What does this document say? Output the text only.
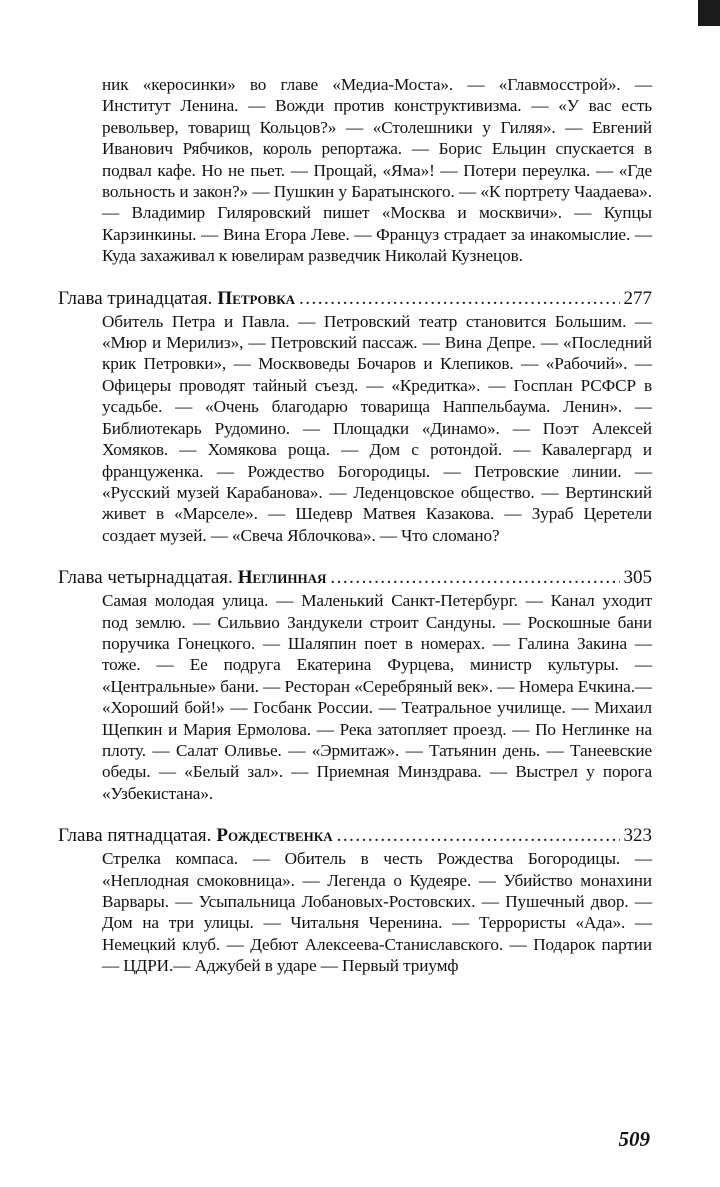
ник «керосинки» во главе «Медиа-Моста». — «Главмосстрой». — Институт Ленина. — Вожди против конструктивизма. — «У вас есть револьвер, товарищ Кольцов?» — «Столешники у Гиляя». — Евгений Иванович Рябчиков, король репортажа. — Борис Ельцин спускается в подвал кафе. Но не пьет. — Прощай, «Яма»! — Потери переулка. — «Где вольность и закон?» — Пушкин у Баратынского. — «К портрету Чаадаева». — Владимир Гиляровский пишет «Москва и москвичи». — Купцы Карзинкины. — Вина Егора Леве. — Француз страдает за инакомыслие. — Куда захаживал к ювелирам разведчик Николай Кузнецов.
Глава тринадцатая. Петровка .....	277
Обитель Петра и Павла. — Петровский театр становится Большим. — «Мюр и Мерилиз», — Петровский пассаж. — Вина Депре. — «Последний крик Петровки», — Москвоведы Бочаров и Клепиков. — «Рабочий». — Офицеры проводят тайный съезд. — «Кредитка». — Госплан РСФСР в усадьбе. — «Очень благодарю товарища Наппельбаума. Ленин». — Библиотекарь Рудомино. — Площадки «Динамо». — Поэт Алексей Хомяков. — Хомякова роща. — Дом с ротондой. — Кавалергард и француженка. — Рождество Богородицы. — Петровские линии. — «Русский музей Карабанова». — Леденцовское общество. — Вертинский живет в «Марселе». — Шедевр Матвея Казакова. — Зураб Церетели создает музей. — «Свеча Яблочкова». — Что сломано?
Глава четырнадцатая. Неглинная .....	305
Самая молодая улица. — Маленький Санкт-Петербург. — Канал уходит под землю. — Сильвио Зандукели строит Сандуны. — Роскошные бани поручика Гонецкого. — Шаляпин поет в номерах. — Галина Закина — тоже. — Ее подруга Екатерина Фурцева, министр культуры. — «Центральные» бани. — Ресторан «Серебряный век». — Номера Ечкина.— «Хороший бой!» — Госбанк России. — Театральное училище. — Михаил Щепкин и Мария Ермолова. — Река затопляет проезд. — По Неглинке на плоту. — Салат Оливье. — «Эрмитаж». — Татьянин день. — Танеевские обеды. — «Белый зал». — Приемная Минздрава. — Выстрел у порога «Узбекистана».
Глава пятнадцатая. Рождественка .....	323
Стрелка компаса. — Обитель в честь Рождества Богородицы. — «Неплодная смоковница». — Легенда о Кудеяре. — Убийство монахини Варвары. — Усыпальница Лобановых-Ростовских. — Пушечный двор. — Дом на три улицы. — Читальня Черенина. — Террористы «Ада». — Немецкий клуб. — Дебют Алексеева-Станиславского. — Подарок партии — ЦДРИ.— Аджубей в ударе — Первый триумф
509
